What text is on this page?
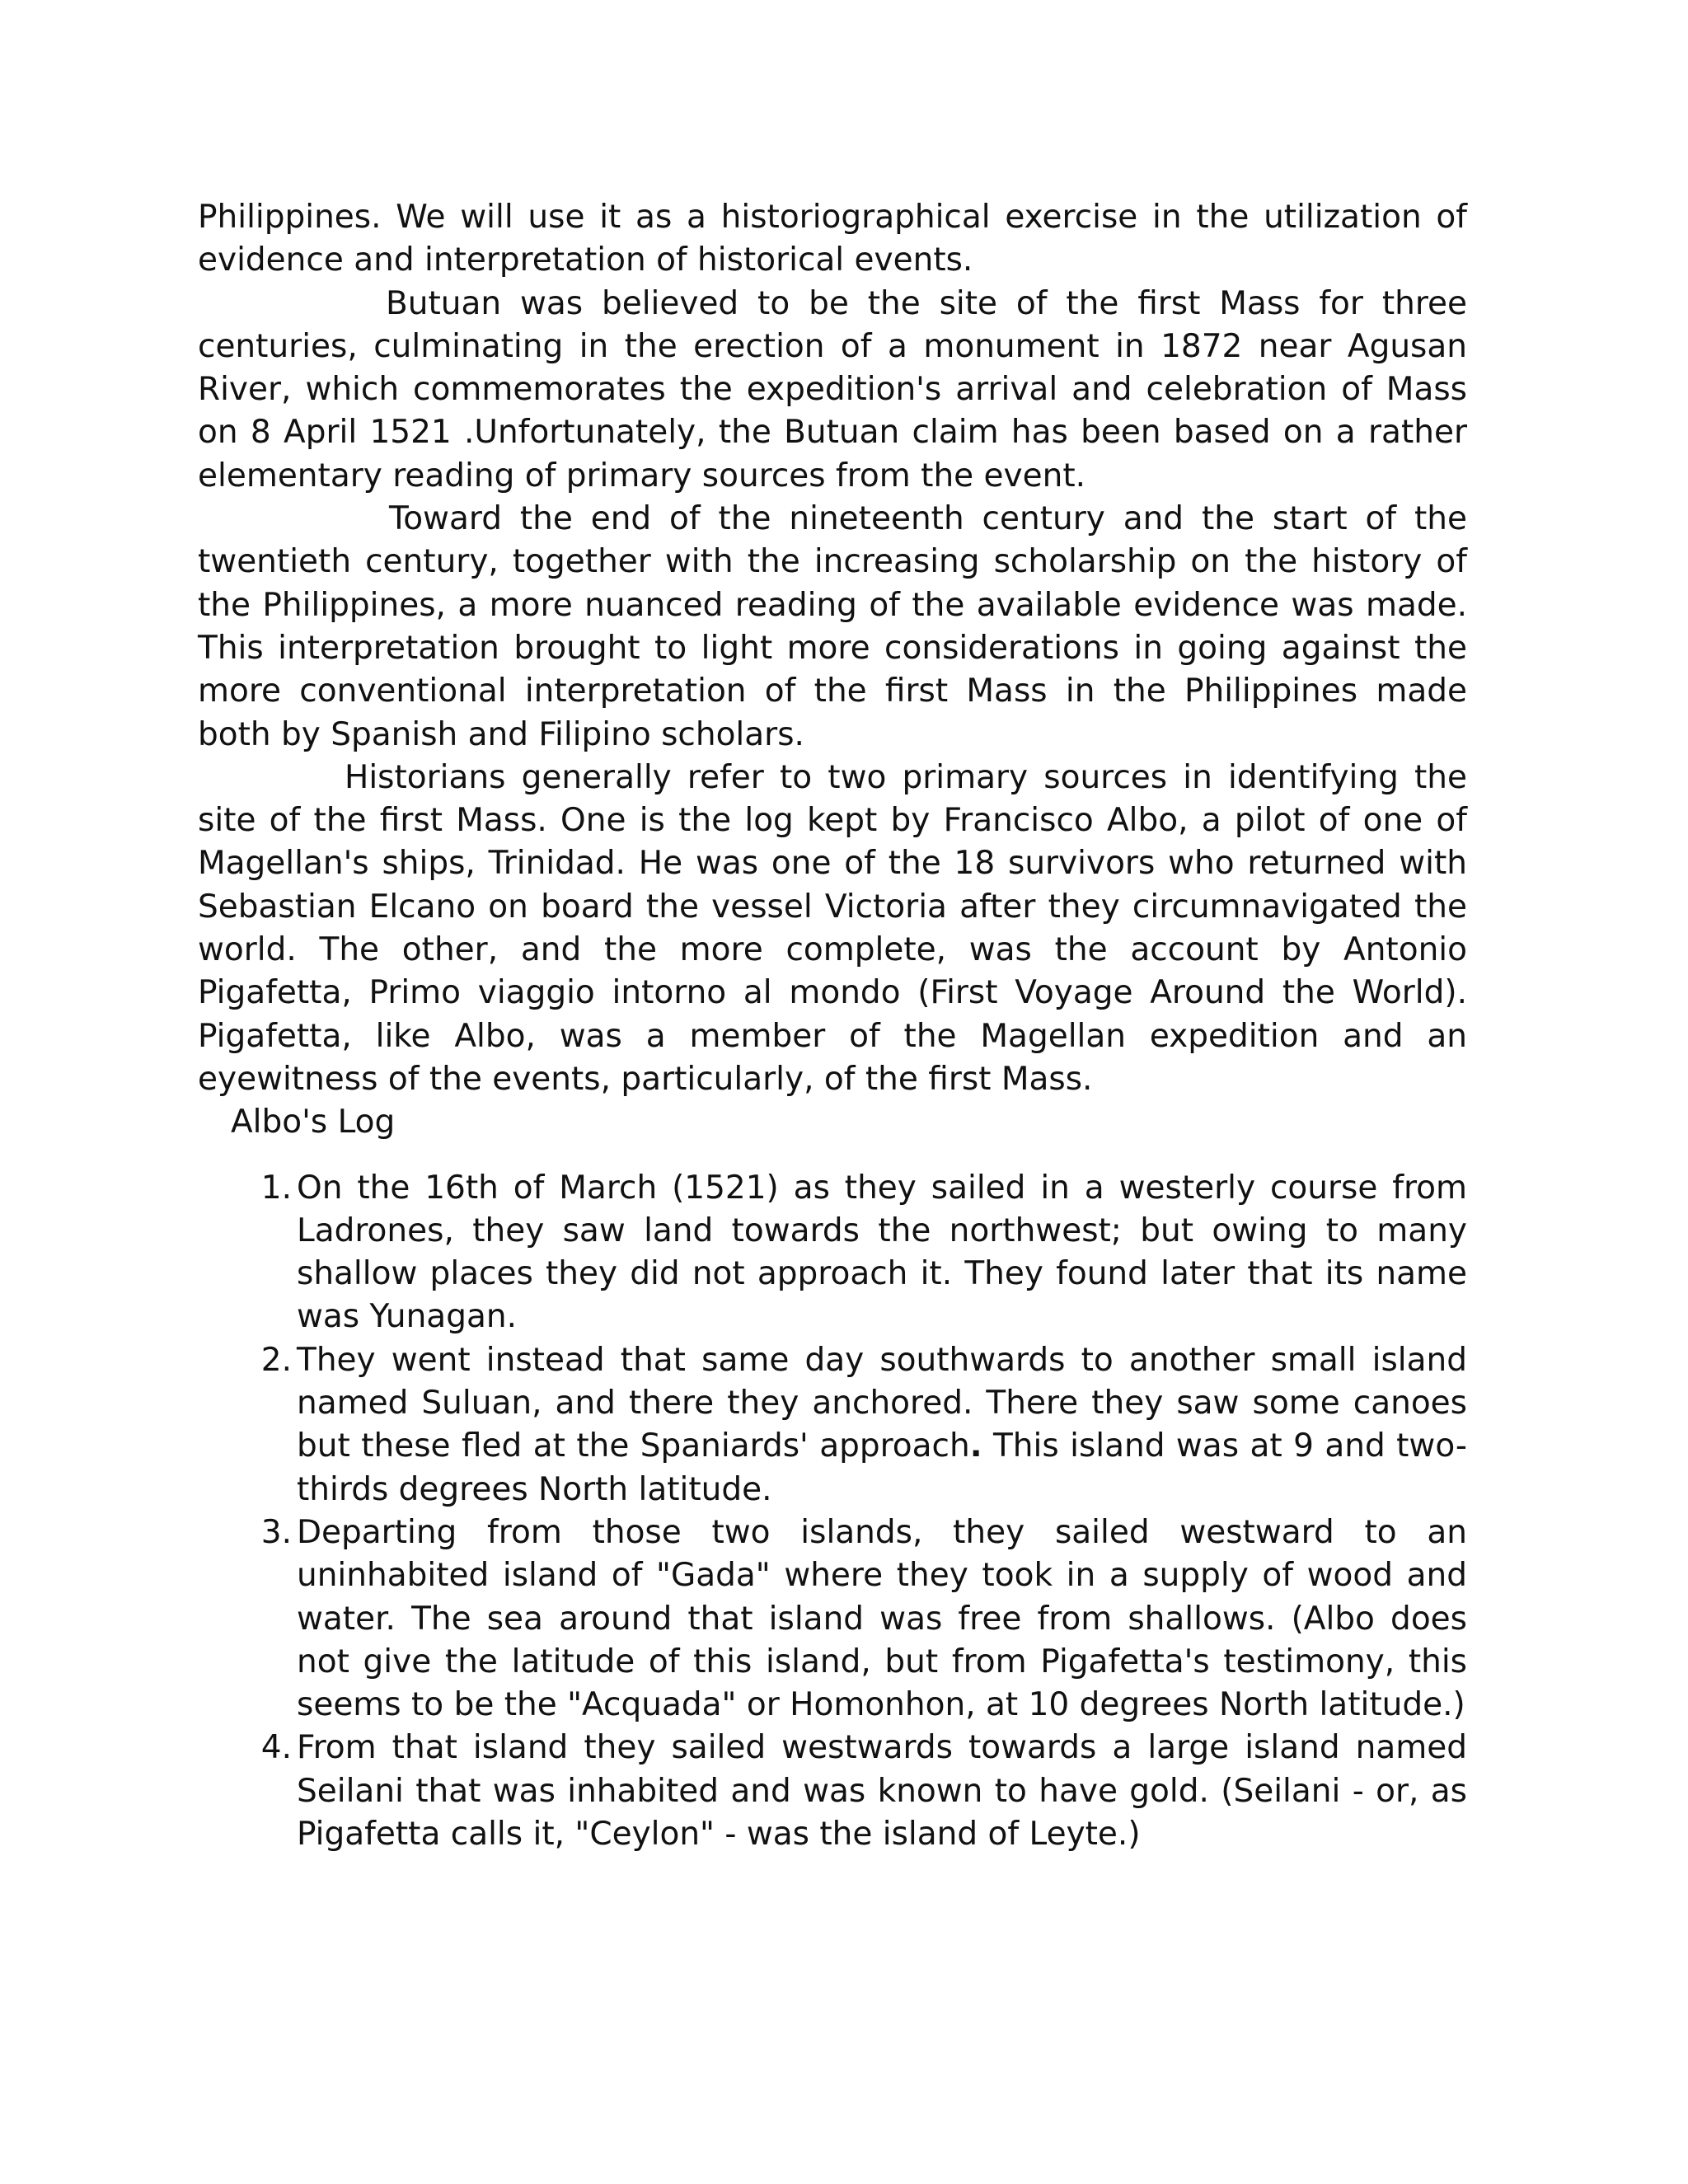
Philippines. We will use it as a historiographical exercise in the utilization of evidence and interpretation of historical events.

Butuan was believed to be the site of the first Mass for three centuries, culminating in the erection of a monument in 1872 near Agusan River, which commemorates the expedition's arrival and celebration of Mass on 8 April 1521 .Unfortunately, the Butuan claim has been based on a rather elementary reading of primary sources from the event.

Toward the end of the nineteenth century and the start of the twentieth century, together with the increasing scholarship on the history of the Philippines, a more nuanced reading of the available evidence was made. This interpretation brought to light more considerations in going against the more conventional interpretation of the first Mass in the Philippines made both by Spanish and Filipino scholars.

Historians generally refer to two primary sources in identifying the site of the first Mass. One is the log kept by Francisco Albo, a pilot of one of Magellan's ships, Trinidad. He was one of the 18 survivors who returned with Sebastian Elcano on board the vessel Victoria after they circumnavigated the world. The other, and the more complete, was the account by Antonio Pigafetta, Primo viaggio intorno al mondo (First Voyage Around the World). Pigafetta, like Albo, was a member of the Magellan expedition and an eyewitness of the events, particularly, of the first Mass.

Albo's Log
1. On the 16th of March (1521) as they sailed in a westerly course from Ladrones, they saw land towards the northwest; but owing to many shallow places they did not approach it. They found later that its name was Yunagan.
2. They went instead that same day southwards to another small island named Suluan, and there they anchored. There they saw some canoes but these fled at the Spaniards' approach. This island was at 9 and two-thirds degrees North latitude.
3. Departing from those two islands, they sailed westward to an uninhabited island of "Gada" where they took in a supply of wood and water. The sea around that island was free from shallows. (Albo does not give the latitude of this island, but from Pigafetta's testimony, this seems to be the "Acquada" or Homonhon, at 10 degrees North latitude.)
4. From that island they sailed westwards towards a large island named Seilani that was inhabited and was known to have gold. (Seilani - or, as Pigafetta calls it, "Ceylon" - was the island of Leyte.)
